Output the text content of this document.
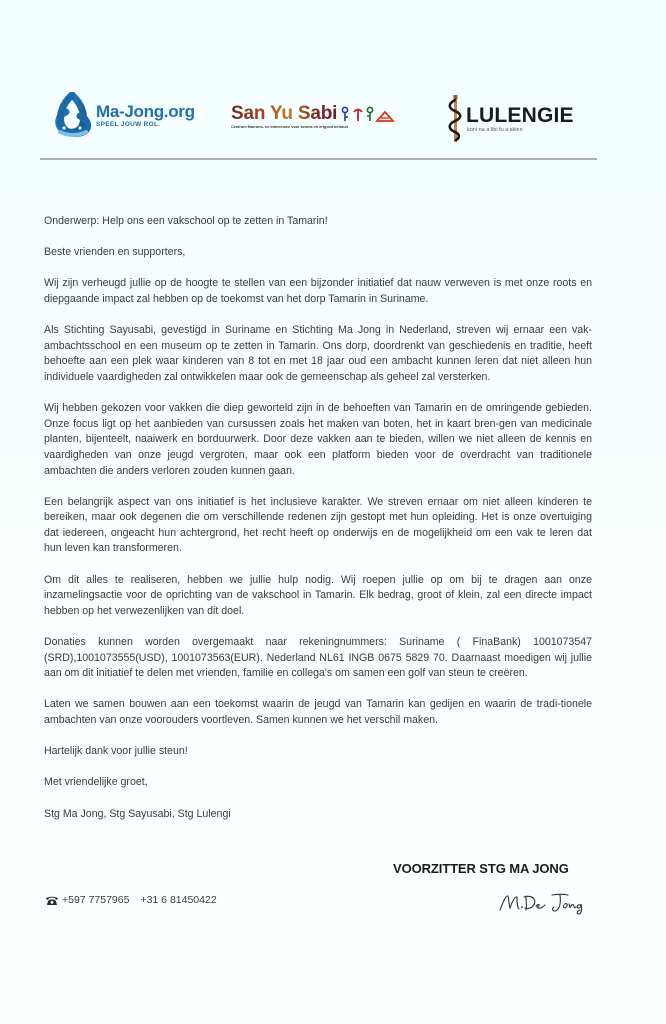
Ma-Jong.org
SPEEL JOUW ROL.
San Yu Sabi
Centrum Marrons- en Inheemsen voor kennis en erfgoed behoud
LULENGIE
koni na a libi fu a skien

Onderwerp: Help ons een vakschool op te zetten in Tamarin!

Beste vrienden en supporters,

Wij zijn verheugd jullie op de hoogte te stellen van een bijzonder initiatief dat nauw verweven is met onze roots en diepgaande impact zal hebben op de toekomst van het dorp Tamarin in Suriname.

Als Stichting Sayusabi, gevestigd in Suriname en Stichting Ma Jong in Nederland, streven wij ernaar een vak- ambachtsschool en een museum op te zetten in Tamarin. Ons dorp, doordrenkt van geschiedenis en traditie, heeft behoefte aan een plek waar kinderen van 8 tot en met 18 jaar oud een ambacht kunnen leren dat niet alleen hun individuele vaardigheden zal ontwikkelen maar ook de gemeenschap als geheel zal versterken.

Wij hebben gekozen voor vakken die diep geworteld zijn in de behoeften van Tamarin en de omringende gebieden. Onze focus ligt op het aanbieden van cursussen zoals het maken van boten, het in kaart bren-gen van medicinale planten, bijenteelt, naaiwerk en borduurwerk. Door deze vakken aan te bieden, willen we niet alleen de kennis en vaardigheden van onze jeugd vergroten, maar ook een platform bieden voor de overdracht van traditionele ambachten die anders verloren zouden kunnen gaan.

Een belangrijk aspect van ons initiatief is het inclusieve karakter. We streven ernaar om niet alleen kinderen te bereiken, maar ook degenen die om verschillende redenen zijn gestopt met hun opleiding. Het is onze overtuiging dat iedereen, ongeacht hun achtergrond, het recht heeft op onderwijs en de mogelijkheid om een vak te leren dat hun leven kan transformeren.

Om dit alles te realiseren, hebben we jullie hulp nodig. Wij roepen jullie op om bij te dragen aan onze inzamelingsactie voor de oprichting van de vakschool in Tamarin. Elk bedrag, groot of klein, zal een directe impact hebben op het verwezenlijken van dit doel.

Donaties kunnen worden overgemaakt naar rekeningnummers: Suriname ( FinaBank) 1001073547 (SRD),1001073555(USD), 1001073563(EUR). Nederland NL61 INGB 0675 5829 70. Daarnaast moedigen wij jullie aan om dit initiatief te delen met vrienden, familie en collega's om samen een golf van steun te creëren.

Laten we samen bouwen aan een toekomst waarin de jeugd van Tamarin kan gedijen en waarin de tradi-tionele ambachten van onze voorouders voortleven. Samen kunnen we het verschil maken.

Hartelijk dank voor jullie steun!

Met vriendelijke groet,

Stg Ma Jong, Stg Sayusabi, Stg Lulengi

VOORZITTER STG MA JONG
+597 7757965 +31 6 81450422
